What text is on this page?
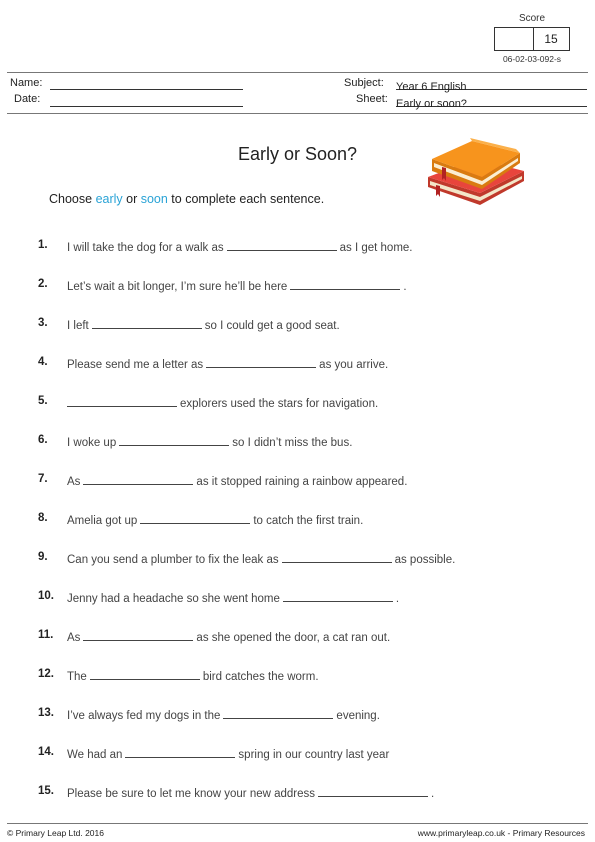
Score
15
06-02-03-092-s
Name:
Date:
Subject: Year 6 English
Sheet: Early or soon?
Early or Soon?
Choose early or soon to complete each sentence.
1.	I will take the dog for a walk as	as I get home.
2.	Let’s wait a bit longer, I’m sure he’ll be here	.
3.	I left	so I could get a good seat.
4.	Please send me a letter as	as you arrive.
5.	explorers used the stars for navigation.
6.	I woke up	so I didn’t miss the bus.
7.	As	as it stopped raining a rainbow appeared.
8.	Amelia got up	to catch the first train.
9.	Can you send a plumber to fix the leak as	as possible.
10. Jenny had a headache so she went home	.
11. As	as she opened the door, a cat ran out.
12. The	bird catches the worm.
13. I’ve always fed my dogs in the	evening.
14. We had an	spring in our country last year
15. Please be sure to let me know your new address	.
© Primary Leap Ltd. 2016	www.primaryleap.co.uk - Primary Resources
